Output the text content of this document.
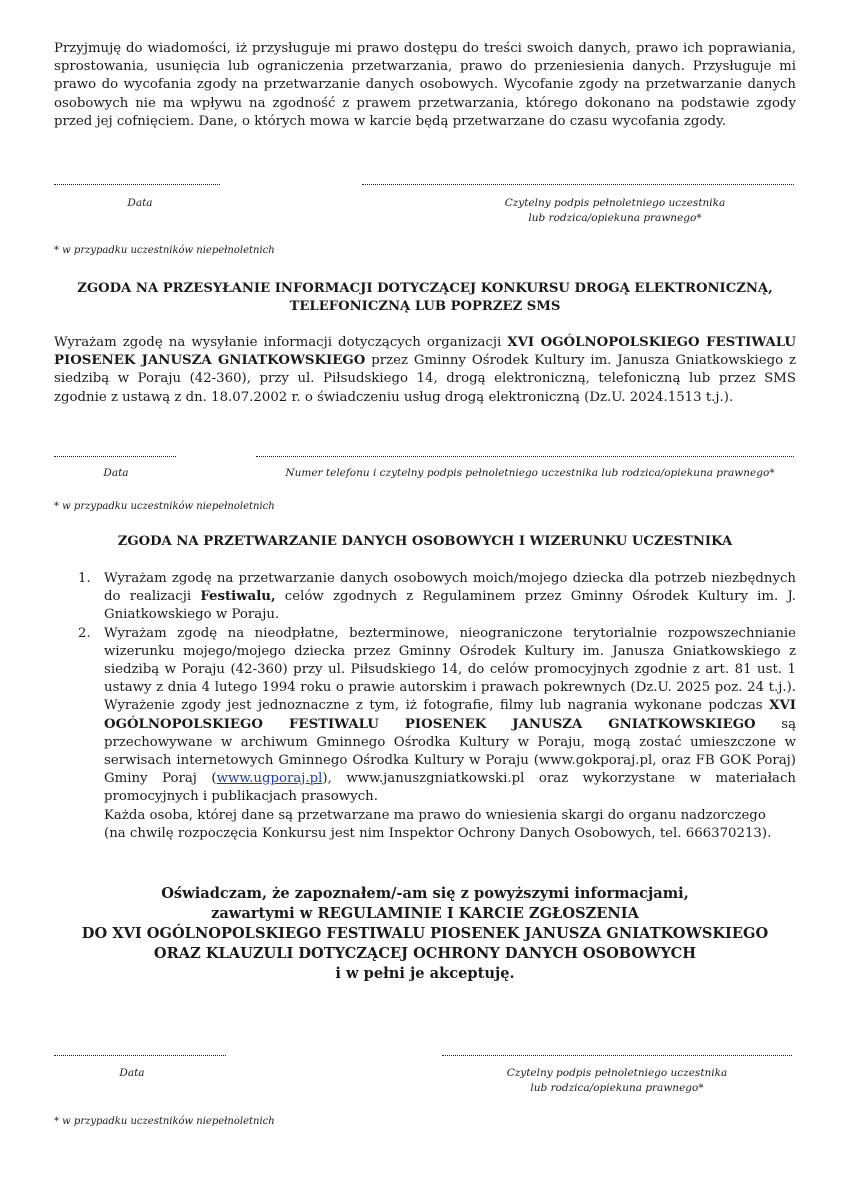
Przyjmuję do wiadomości, iż przysługuje mi prawo dostępu do treści swoich danych, prawo ich poprawiania, sprostowania, usunięcia lub ograniczenia przetwarzania, prawo do przeniesienia danych. Przysługuje mi prawo do wycofania zgody na przetwarzanie danych osobowych. Wycofanie zgody na przetwarzanie danych osobowych nie ma wpływu na zgodność z prawem przetwarzania, którego dokonano na podstawie zgody przed jej cofnięciem. Dane, o których mowa w karcie będą przetwarzane do czasu wycofania zgody.
Data	Czytelny podpis pełnoletniego uczestnika
lub rodzica/opiekuna prawnego*
* w przypadku uczestników niepełnoletnich
ZGODA NA PRZESYŁANIE INFORMACJI DOTYCZĄCEJ KONKURSU DROGĄ ELEKTRONICZNĄ,
TELEFONICZNĄ LUB POPRZEZ SMS
Wyrażam zgodę na wysyłanie informacji dotyczących organizacji XVI OGÓLNOPOLSKIEGO FESTIWALU PIOSENEK JANUSZA GNIATKOWSKIEGO przez Gminny Ośrodek Kultury im. Janusza Gniatkowskiego z siedzibą w Poraju (42-360), przy ul. Piłsudskiego 14, drogą elektroniczną, telefoniczną lub przez SMS zgodnie z ustawą z dn. 18.07.2002 r. o świadczeniu usług drogą elektroniczną (Dz.U. 2024.1513 t.j.).
Data	Numer telefonu i czytelny podpis pełnoletniego uczestnika lub rodzica/opiekuna prawnego*
* w przypadku uczestników niepełnoletnich
ZGODA NA PRZETWARZANIE DANYCH OSOBOWYCH I WIZERUNKU UCZESTNIKA
1. Wyrażam zgodę na przetwarzanie danych osobowych moich/mojego dziecka dla potrzeb niezbędnych do realizacji Festiwalu, celów zgodnych z Regulaminem przez Gminny Ośrodek Kultury im. J. Gniatkowskiego w Poraju.
2. Wyrażam zgodę na nieodpłatne, bezterminowe, nieograniczone terytorialnie rozpowszechnianie wizerunku mojego/mojego dziecka przez Gminny Ośrodek Kultury im. Janusza Gniatkowskiego z siedzibą w Poraju (42-360) przy ul. Piłsudskiego 14, do celów promocyjnych zgodnie z art. 81 ust. 1 ustawy z dnia 4 lutego 1994 roku o prawie autorskim i prawach pokrewnych (Dz.U. 2025 poz. 24 t.j.). Wyrażenie zgody jest jednoznaczne z tym, iż fotografie, filmy lub nagrania wykonane podczas XVI OGÓLNOPOLSKIEGO FESTIWALU PIOSENEK JANUSZA GNIATKOWSKIEGO są przechowywane w archiwum Gminnego Ośrodka Kultury w Poraju, mogą zostać umieszczone w serwisach internetowych Gminnego Ośrodka Kultury w Poraju (www.gokporaj.pl, oraz FB GOK Poraj) Gminy Poraj (www.ugporaj.pl), www.januszgniatkowski.pl oraz wykorzystane w materiałach promocyjnych i publikacjach prasowych.
Każda osoba, której dane są przetwarzane ma prawo do wniesienia skargi do organu nadzorczego
(na chwilę rozpoczęcia Konkursu jest nim Inspektor Ochrony Danych Osobowych, tel. 666370213).
Oświadczam, że zapoznałem/-am się z powyższymi informacjami,
zawartymi w REGULAMINIE I KARCIE ZGŁOSZENIA
DO XVI OGÓLNOPOLSKIEGO FESTIWALU PIOSENEK JANUSZA GNIATKOWSKIEGO
ORAZ KLAUZULI DOTYCZĄCEJ OCHRONY DANYCH OSOBOWYCH
i w pełni je akceptuję.
Data	Czytelny podpis pełnoletniego uczestnika
lub rodzica/opiekuna prawnego*
* w przypadku uczestników niepełnoletnich
